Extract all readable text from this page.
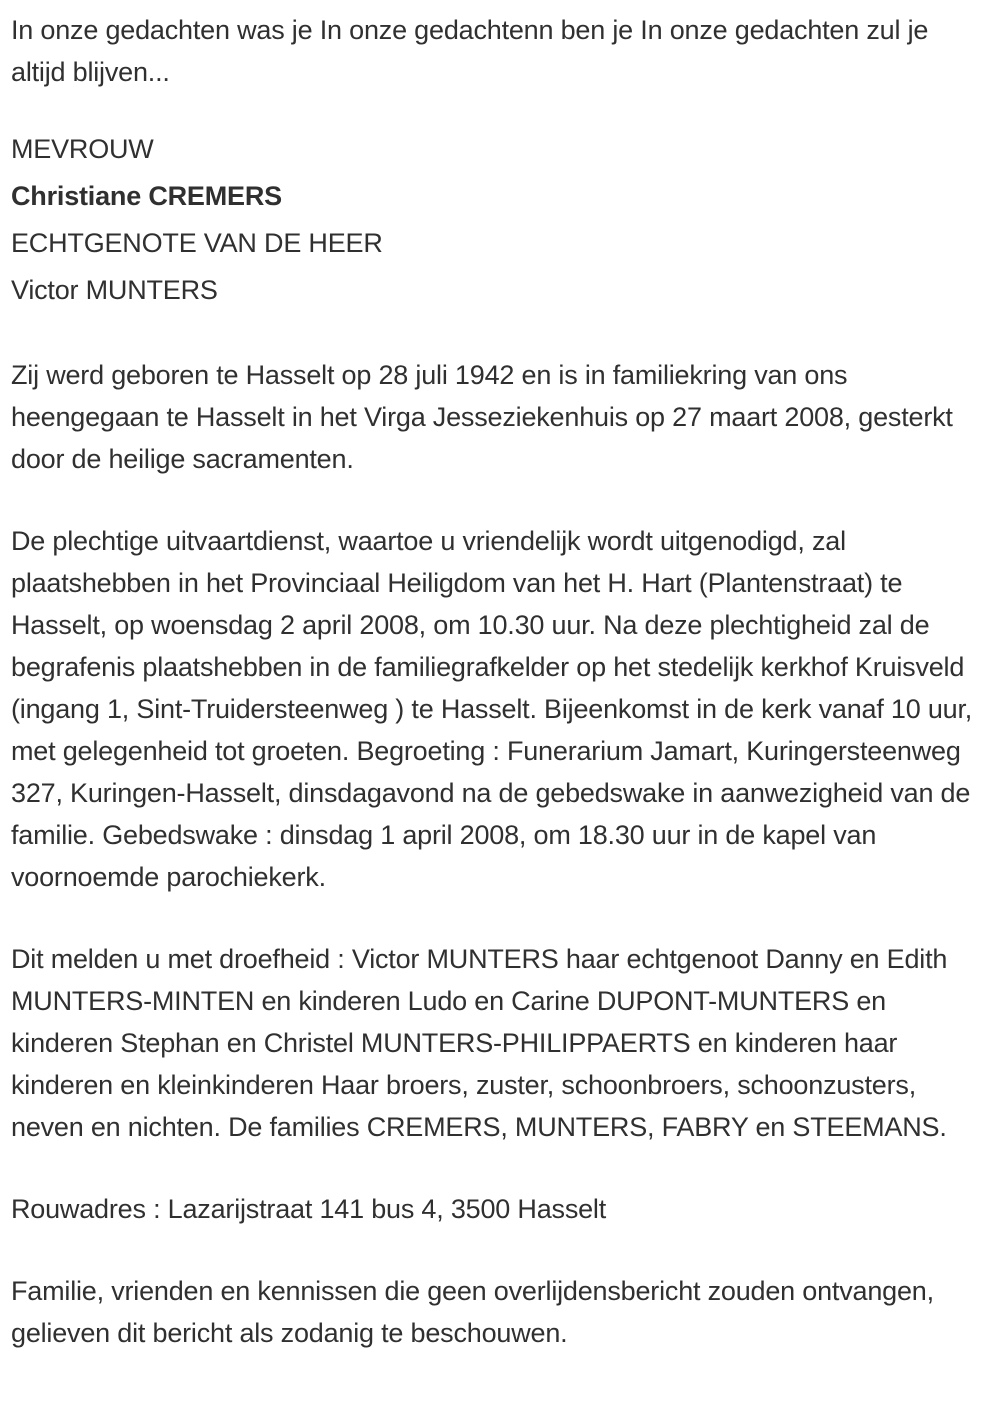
In onze gedachten was je In onze gedachtenn ben je In onze gedachten zul je altijd blijven...

MEVROUW

Christiane CREMERS

ECHTGENOTE VAN DE HEER

Victor MUNTERS

Zij werd geboren te Hasselt op 28 juli 1942 en is in familiekring van ons heengegaan te Hasselt in het Virga Jesseziekenhuis op 27 maart 2008, gesterkt door de heilige sacramenten.

De plechtige uitvaartdienst, waartoe u vriendelijk wordt uitgenodigd, zal plaatshebben in het Provinciaal Heiligdom van het H. Hart (Plantenstraat) te Hasselt, op woensdag 2 april 2008, om 10.30 uur. Na deze plechtigheid zal de begrafenis plaatshebben in de familiegrafkelder op het stedelijk kerkhof Kruisveld (ingang 1, Sint-Truidersteenweg ) te Hasselt. Bijeenkomst in de kerk vanaf 10 uur, met gelegenheid tot groeten. Begroeting : Funerarium Jamart, Kuringersteenweg 327, Kuringen-Hasselt, dinsdagavond na de gebedswake in aanwezigheid van de familie. Gebedswake : dinsdag 1 april 2008, om 18.30 uur in de kapel van voornoemde parochiekerk.

Dit melden u met droefheid : Victor MUNTERS haar echtgenoot Danny en Edith MUNTERS-MINTEN en kinderen Ludo en Carine DUPONT-MUNTERS en kinderen Stephan en Christel MUNTERS-PHILIPPAERTS en kinderen haar kinderen en kleinkinderen Haar broers, zuster, schoonbroers, schoonzusters, neven en nichten. De families CREMERS, MUNTERS, FABRY en STEEMANS.

Rouwadres : Lazarijstraat 141 bus 4, 3500 Hasselt

Familie, vrienden en kennissen die geen overlijdensbericht zouden ontvangen, gelieven dit bericht als zodanig te beschouwen.
